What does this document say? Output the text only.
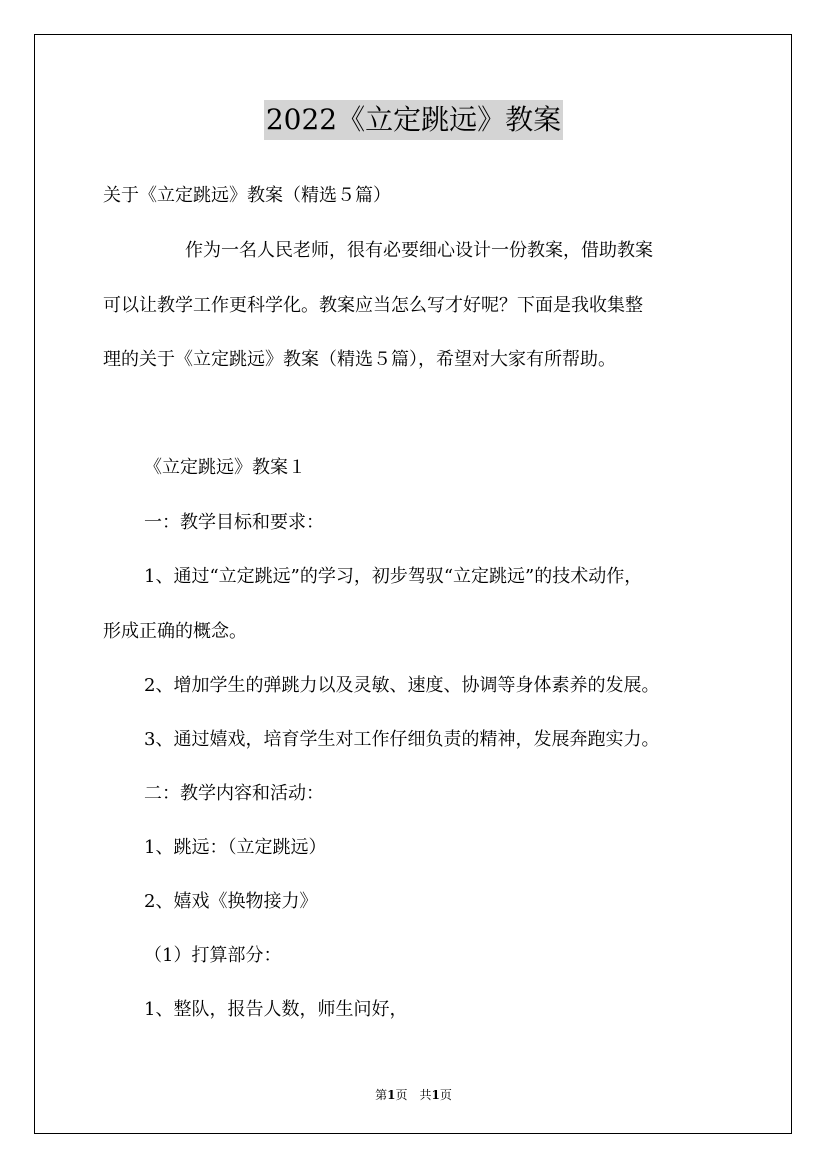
2022《立定跳远》教案
关于《立定跳远》教案（精选５篇）
作为一名人民老师，很有必要细心设计一份教案，借助教案
可以让教学工作更科学化。教案应当怎么写才好呢？下面是我收集整
理的关于《立定跳远》教案（精选５篇），希望对大家有所帮助。
《立定跳远》教案１
一：教学目标和要求：
1、通过“立定跳远”的学习，初步驾驭“立定跳远”的技术动作，
形成正确的概念。
2、增加学生的弹跳力以及灵敏、速度、协调等身体素养的发展。
3、通过嬉戏，培育学生对工作仔细负责的精神，发展奔跑实力。
二：教学内容和活动：
1、跳远：（立定跳远）
2、嬉戏《换物接力》
（1）打算部分：
1、整队，报告人数，师生问好，
第1页　共1页
